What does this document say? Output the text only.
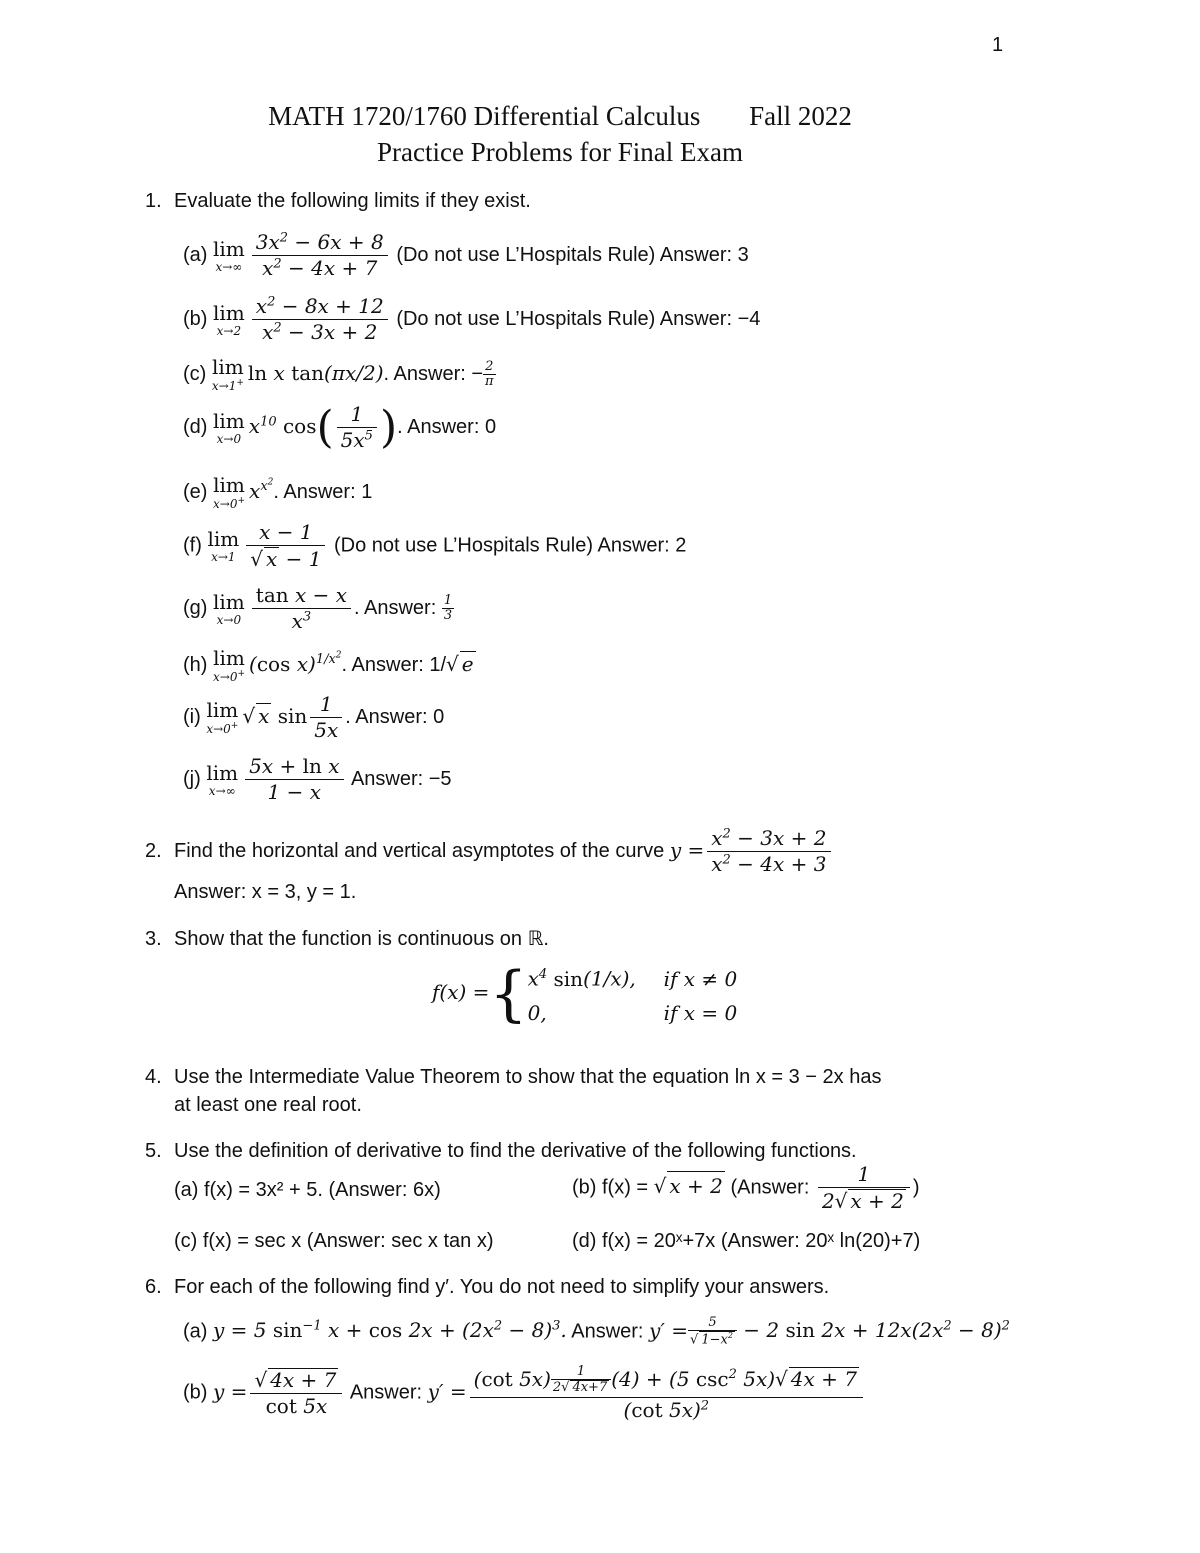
1
MATH 1720/1760 Differential Calculus Fall 2022
Practice Problems for Final Exam
1. Evaluate the following limits if they exist.
(a) lim
$x\to\infty \frac{3x^2 - 6x + 8}{x^2 - 4x + 7} (Do$ not use L’Hospitals Rule) Answer: 3
(b) lim
$x\to 2 \frac{x^2 - 8x + 12}{x^2 - 3x + 2} (Do$ not use L’Hospitals Rule) Answer: −4
(c) lim
x→1+ ln x tan(πx/2). Answer: − $\frac{2}{\pi}$
(d) lim
x→0
$x^{10}$ $\cos( \frac{1}{5x^5}$ ). Answer: 0
(e) lim
x→0+ $x^{x^2}$. Answer: 1
(f) lim
$x\to 1 \frac{x - 1}{√ x - 1} (Do$ not use L’Hospitals Rule) Answer: 2
(g) lim
$x\to 0 \frac{\text{tan x − x}}{x^3}$ . Answer: $\frac{1}{3}$
(h) lim
x→0+ (cos x)$^{1/x^2}$. Answer: 1/√ e
(i) lim
x→0+ √ x $\sin \frac{1}{5x}$ . Answer: 0
(j) lim
$x\to\infty \frac{\text{5x + ln x}}{1 - x}$ Answer: −5
2. Find the horizontal and vertical asymptotes of the curve $y = \frac{x^2 - 3x + 2}{x^2 - 4x + 3}$
Answer: x = 3, y = 1.
3. Show that the function is continuous on ℝ.
f(x) ={ $x^4$ sin(1/x), if x ≠ 0
0,	if x = 0
4. Use the Intermediate Value Theorem to show that the equation ln x = 3 − 2x has
at least one real root.
5. Use the definition of derivative to find the derivative of the following functions.
(a) f(x) = 3x² + 5. (Answer: 6x)	(b) f(x) = √ x + 2 (Answer: $\frac{1}{2√ x + 2}$ )
(c) f(x) = sec x (Answer: sec x tan x)	(d) f(x) = 20ˣ+7x (Answer: 20ˣ ln(20)+7)
6. For each of the following find y′. You do not need to simplify your answers.
(a) y = 5 $\sin^{-1} x + \cos 2x + (2x^2 - 8)^3$. Answer: $y' = \frac{5}{√ 1-x^2} - 2$ $\sin 2x + 12x(2x^2 - 8)^2$
(b) $y = \frac{√ 4x + 7}{\cot 5x}$ Answer: $y' = \frac{(\cot 5x) \frac{1}{2√ 4x+7} (4) + (5 \csc^2 5x)√ 4x + 7}{(\cot 5x)^2}$
